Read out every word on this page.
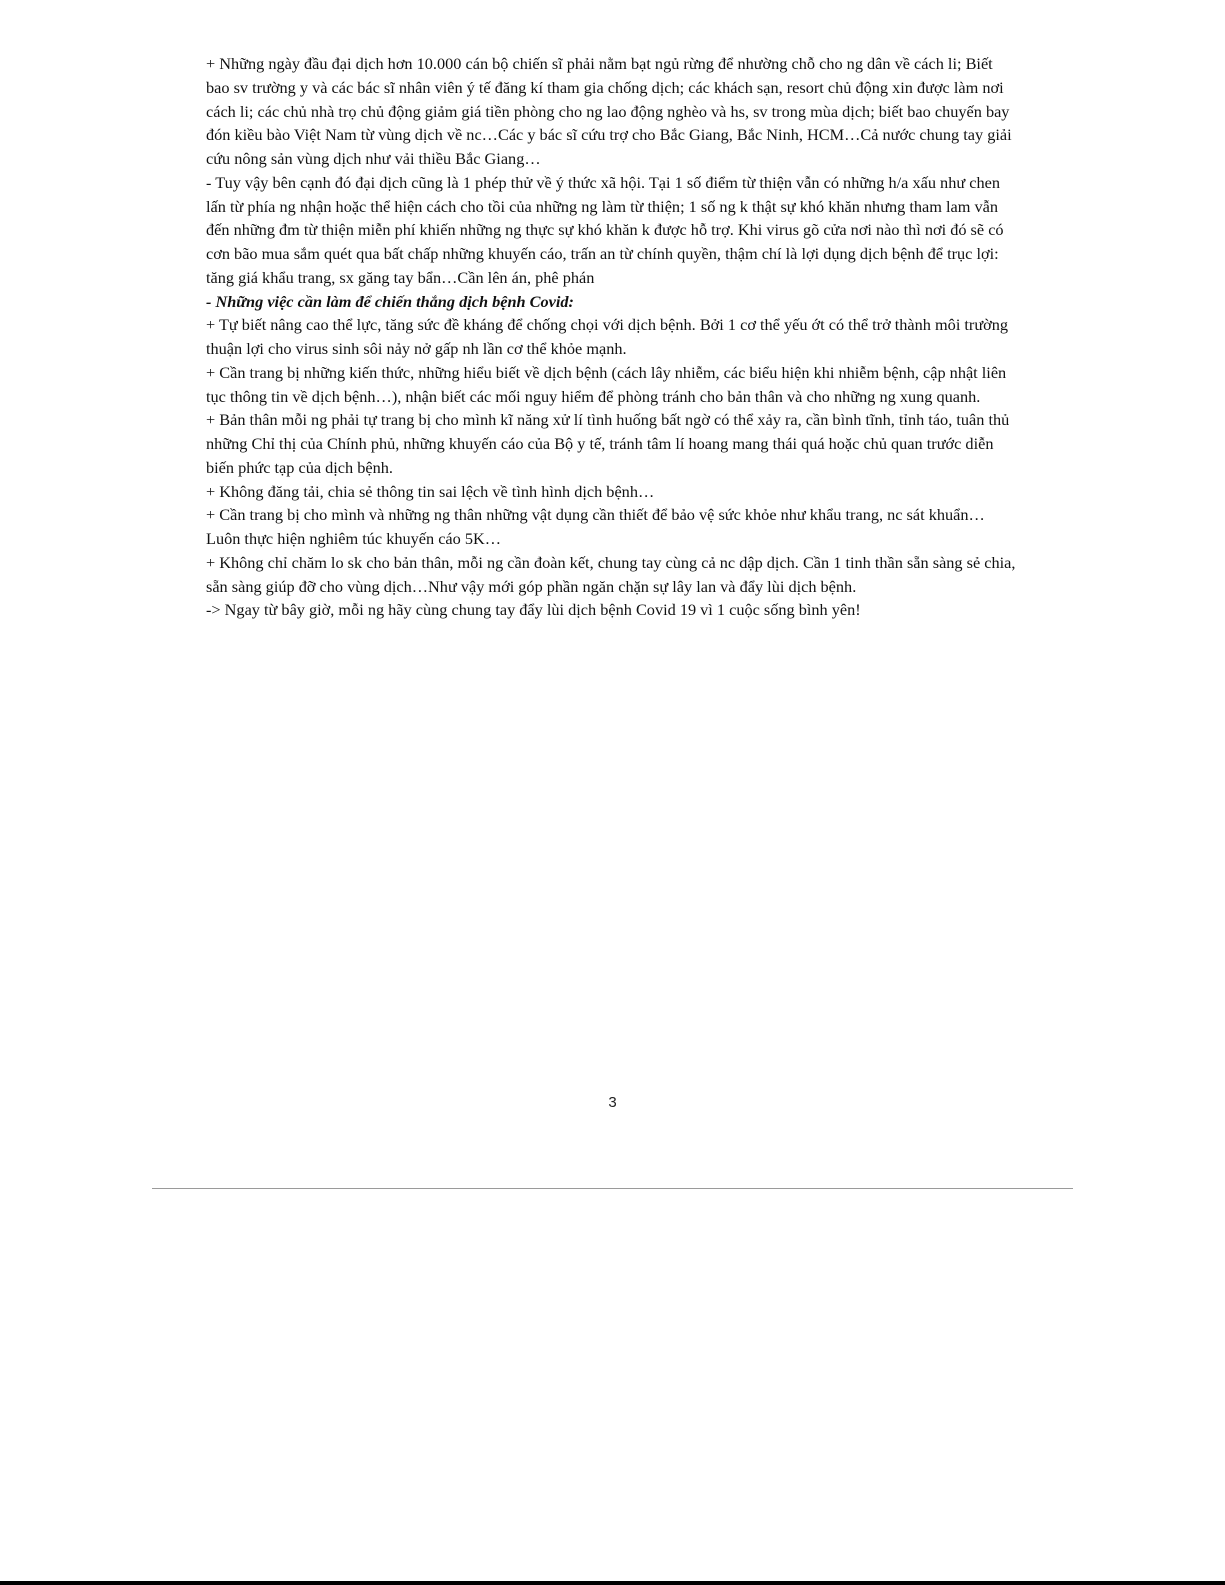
+ Những ngày đầu đại dịch hơn 10.000 cán bộ chiến sĩ phải nằm bạt ngủ rừng để nhường chỗ cho ng dân về cách li; Biết bao sv trường y và các bác sĩ nhân viên ý tế đăng kí tham gia chống dịch; các khách sạn, resort chủ động xin được làm nơi cách li; các chủ nhà trọ chủ động giảm giá tiền phòng cho ng lao động nghèo và hs, sv trong mùa dịch; biết bao chuyến bay đón kiều bào Việt Nam từ vùng dịch về nc…Các y bác sĩ cứu trợ cho Bắc Giang, Bắc Ninh, HCM…Cả nước chung tay giải cứu nông sản vùng dịch như vải thiều Bắc Giang…

- Tuy vậy bên cạnh đó đại dịch cũng là 1 phép thử về ý thức xã hội. Tại 1 số điểm từ thiện vẫn có những h/a xấu như chen lấn từ phía ng nhận hoặc thể hiện cách cho tồi của những ng làm từ thiện; 1 số ng k thật sự khó khăn nhưng tham lam vẫn đến những đm từ thiện miễn phí khiến những ng thực sự khó khăn k được hỗ trợ. Khi virus gõ cửa nơi nào thì nơi đó sẽ có cơn bão mua sắm quét qua bất chấp những khuyến cáo, trấn an từ chính quyền, thậm chí là lợi dụng dịch bệnh để trục lợi: tăng giá khẩu trang, sx găng tay bẩn…Cần lên án, phê phán

- Những việc cần làm để chiến thắng dịch bệnh Covid:

+ Tự biết nâng cao thể lực, tăng sức đề kháng để chống chọi với dịch bệnh. Bởi 1 cơ thể yếu ớt có thể trở thành môi trường thuận lợi cho virus sinh sôi nảy nở gấp nh lần cơ thể khỏe mạnh.

+ Cần trang bị những kiến thức, những hiểu biết về dịch bệnh (cách lây nhiễm, các biểu hiện khi nhiễm bệnh, cập nhật liên tục thông tin về dịch bệnh…), nhận biết các mối nguy hiểm để phòng tránh cho bản thân và cho những ng xung quanh.

+ Bản thân mỗi ng phải tự trang bị cho mình kĩ năng xử lí tình huống bất ngờ có thể xảy ra, cần bình tĩnh, tỉnh táo, tuân thủ những Chỉ thị của Chính phủ, những khuyến cáo của Bộ y tế, tránh tâm lí hoang mang thái quá hoặc chủ quan trước diễn biến phức tạp của dịch bệnh.

+ Không đăng tải, chia sẻ thông tin sai lệch về tình hình dịch bệnh…

+ Cần trang bị cho mình và những ng thân những vật dụng cần thiết để bảo vệ sức khỏe như khẩu trang, nc sát khuẩn…Luôn thực hiện nghiêm túc khuyến cáo 5K…

+ Không chỉ chăm lo sk cho bản thân, mỗi ng cần đoàn kết, chung tay cùng cả nc dập dịch. Cần 1 tinh thần sẵn sàng sẻ chia, sẵn sàng giúp đỡ cho vùng dịch…Như vậy mới góp phần ngăn chặn sự lây lan và đẩy lùi dịch bệnh.

-> Ngay từ bây giờ, mỗi ng hãy cùng chung tay đẩy lùi dịch bệnh Covid 19 vì 1 cuộc sống bình yên!

3
